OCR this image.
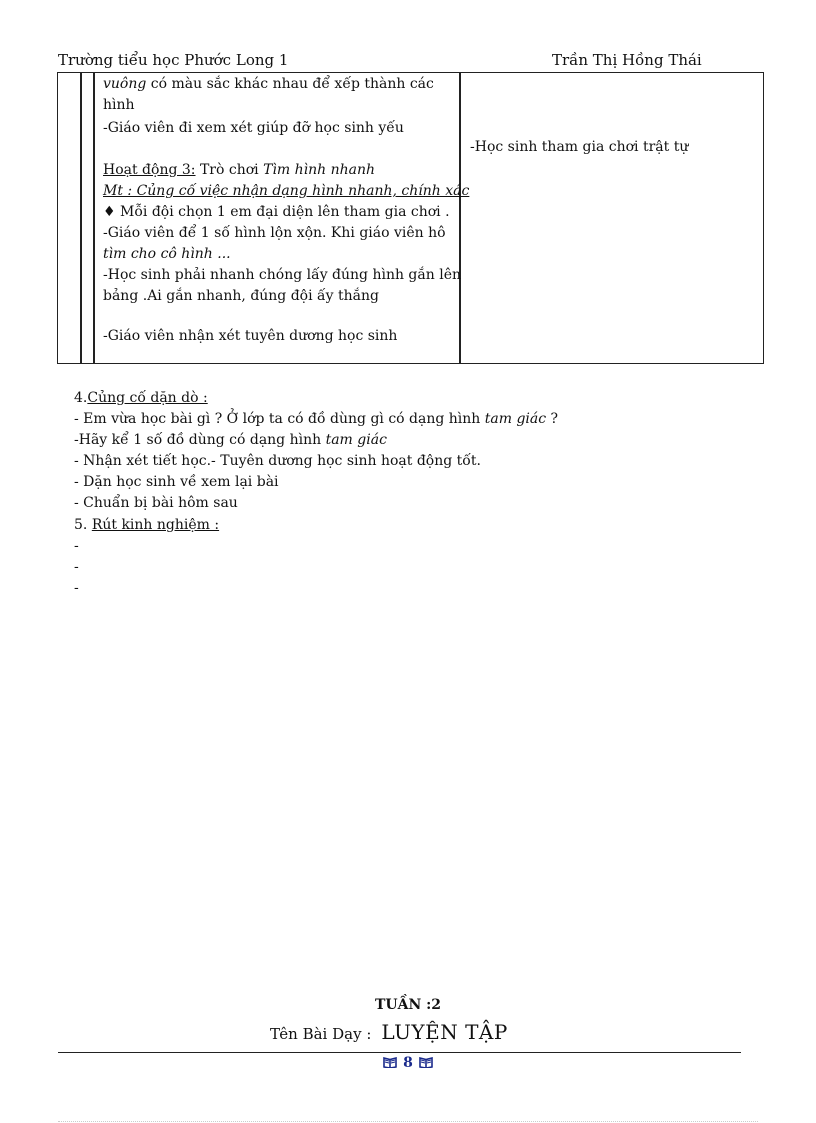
Trường tiểu học Phước Long 1	Trần Thị Hồng Thái
vuông có màu sắc khác nhau để xếp thành các
hình
-Giáo viên đi xem xét giúp đỡ học sinh yếu
Hoạt động 3: Trò chơi Tìm hình nhanh
Mt : Củng cố việc nhận dạng hình nhanh, chính xác
♦ Mỗi đội chọn 1 em đại diện lên tham gia chơi .
-Giáo viên để 1 số hình lộn xộn. Khi giáo viên hô
tìm cho cô hình ...
-Học sinh phải nhanh chóng lấy đúng hình gắn lên
bảng .Ai gắn nhanh, đúng đội ấy thắng
-Giáo viên nhận xét tuyên dương học sinh
-Học sinh tham gia chơi trật tự
4.Củng cố dặn dò :
- Em vừa học bài gì ? Ở lớp ta có đồ dùng gì có dạng hình tam giác ?
-Hãy kể 1 số đồ dùng có dạng hình tam giác
- Nhận xét tiết học.- Tuyên dương học sinh hoạt động tốt.
- Dặn học sinh về xem lại bài
- Chuẩn bị bài hôm sau
5. Rút kinh nghiệm :
-
-
-
TUẦN :2
Tên Bài Dạy : LUYỆN TẬP
8
